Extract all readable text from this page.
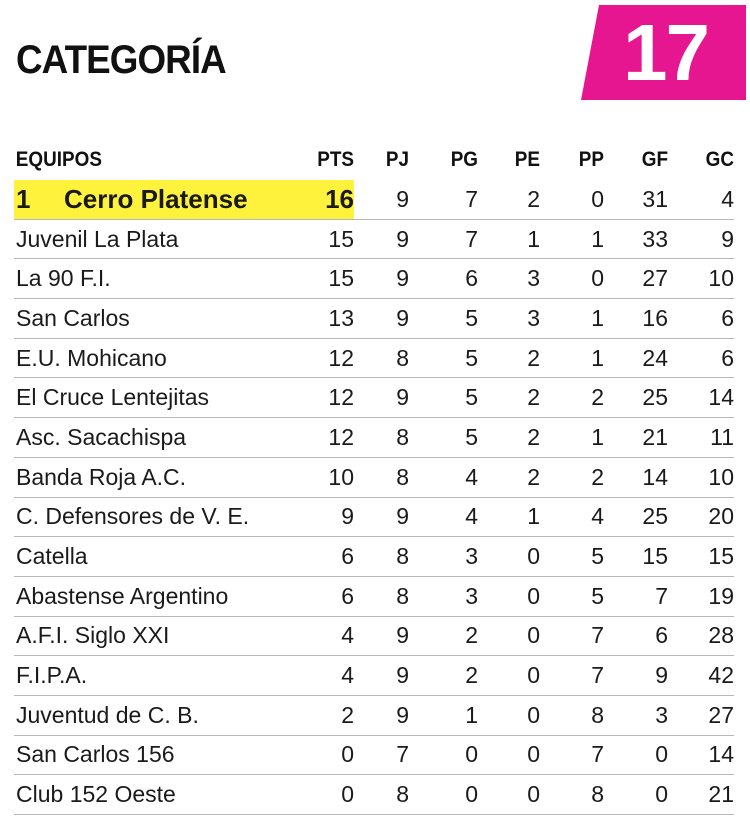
CATEGORÍA	17
EQUIPOS	PTS	PJ	PG	PE	PP	GF	GC
1 Cerro Platense	16	9	7	2	0	31	4
Juvenil La Plata	15	9	7	1	1	33	9
La 90 F.I.	15	9	6	3	0	27	10
San Carlos	13	9	5	3	1	16	6
E.U. Mohicano	12	8	5	2	1	24	6
El Cruce Lentejitas	12	9	5	2	2	25	14
Asc. Sacachispa	12	8	5	2	1	21	11
Banda Roja A.C.	10	8	4	2	2	14	10
C. Defensores de V. E.	9	9	4	1	4	25	20
Catella	6	8	3	0	5	15	15
Abastense Argentino	6	8	3	0	5	7	19
A.F.I. Siglo XXI	4	9	2	0	7	6	28
F.I.P.A.	4	9	2	0	7	9	42
Juventud de C. B.	2	9	1	0	8	3	27
San Carlos 156	0	7	0	0	7	0	14
Club 152 Oeste	0	8	0	0	8	0	21
